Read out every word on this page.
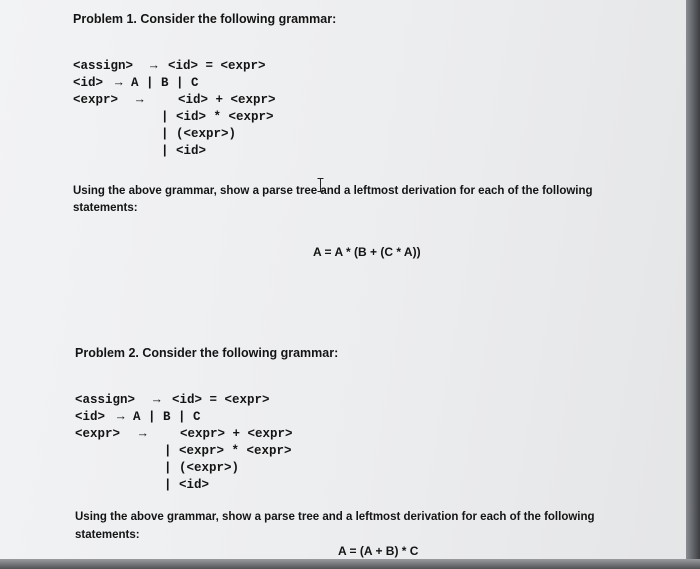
Problem 1. Consider the following grammar:
<assign> → <id> = <expr>
<id> → A | B | C
<expr> →	<id> + <expr>
| <id> * <expr>
| (<expr>)
| <id>
Using the above grammar, show a parse tree and a leftmost derivation for each of the following
statements:
A = A * (B + (C * A))
Problem 2. Consider the following grammar:
<assign> → <id> = <expr>
<id> → A | B | C
<expr> →	<expr> + <expr>
| <expr> * <expr>
| (<expr>)
| <id>
Using the above grammar, show a parse tree and a leftmost derivation for each of the following
statements:
A = (A + B) * C
